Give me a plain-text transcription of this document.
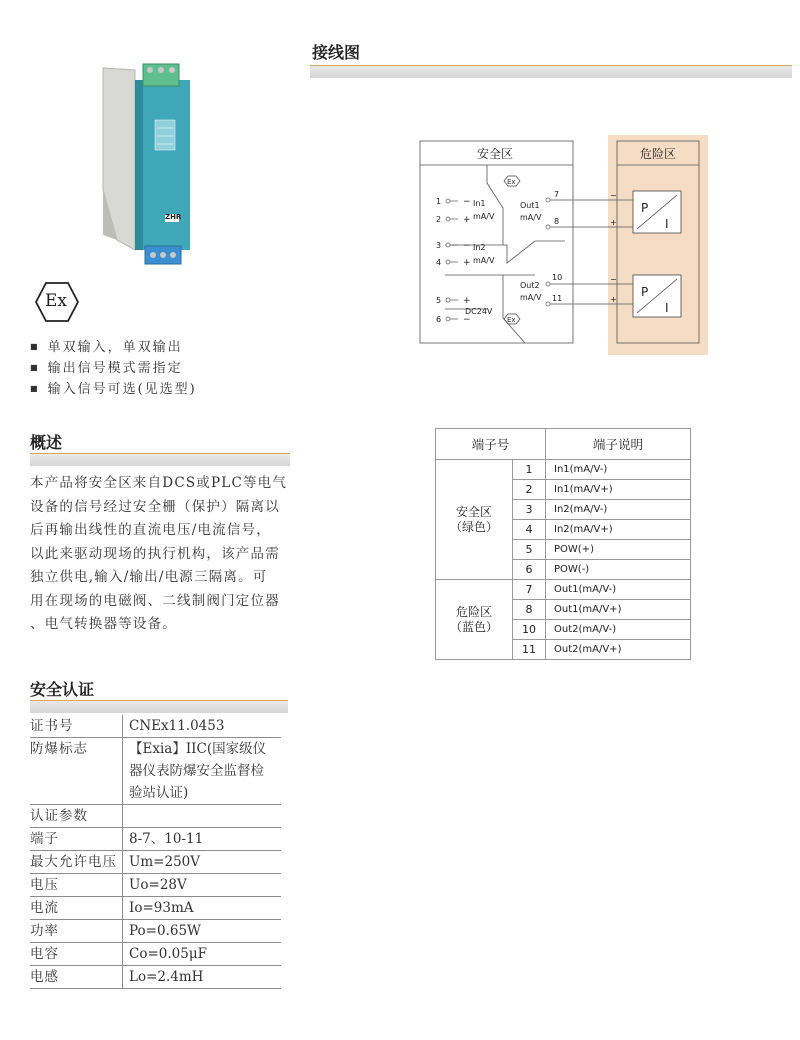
ZHR
Ex
■ 单双输入，单双输出
■ 输出信号模式需指定
■ 输入信号可选(见选型)
概述
本产品将安全区来自DCS或PLC等电气
设备的信号经过安全栅（保护）隔离以
后再输出线性的直流电压/电流信号，
以此来驱动现场的执行机构，该产品需
独立供电,输入/输出/电源三隔离。可
用在现场的电磁阀、二线制阀门定位器
、电气转换器等设备。
安全认证
证书号	CNEx11.0453
防爆标志	【Exia】IIC(国家级仪
	器仪表防爆安全监督检
	验站认证)
认证参数	
端子	8-7、10-11
最大允许电压	Um=250V
电压	Uo=28V
电流	Io=93mA
功率	Po=0.65W
电容	Co=0.05μF
电感	Lo=2.4mH
接线图
安全区	危险区
Ex
Ex
1
2
3
4
5
6
−
+
−
+
+
−
In1
mA/V
In2
mA/V
DC24V
Out1
mA/V
Out2
mA/V
7
8
10
11
−
+
−
+
P
I
P
I
端子号		端子说明

安全区
（绿色）	1	In1(mA/V-)
	2	In1(mA/V+)
	3	In2(mA/V-)
	4	In2(mA/V+)
	5	POW(+)
	6	POW(-)

危险区
（蓝色）	7	Out1(mA/V-)
	8	Out1(mA/V+)
	10	Out2(mA/V-)
	11	Out2(mA/V+)
